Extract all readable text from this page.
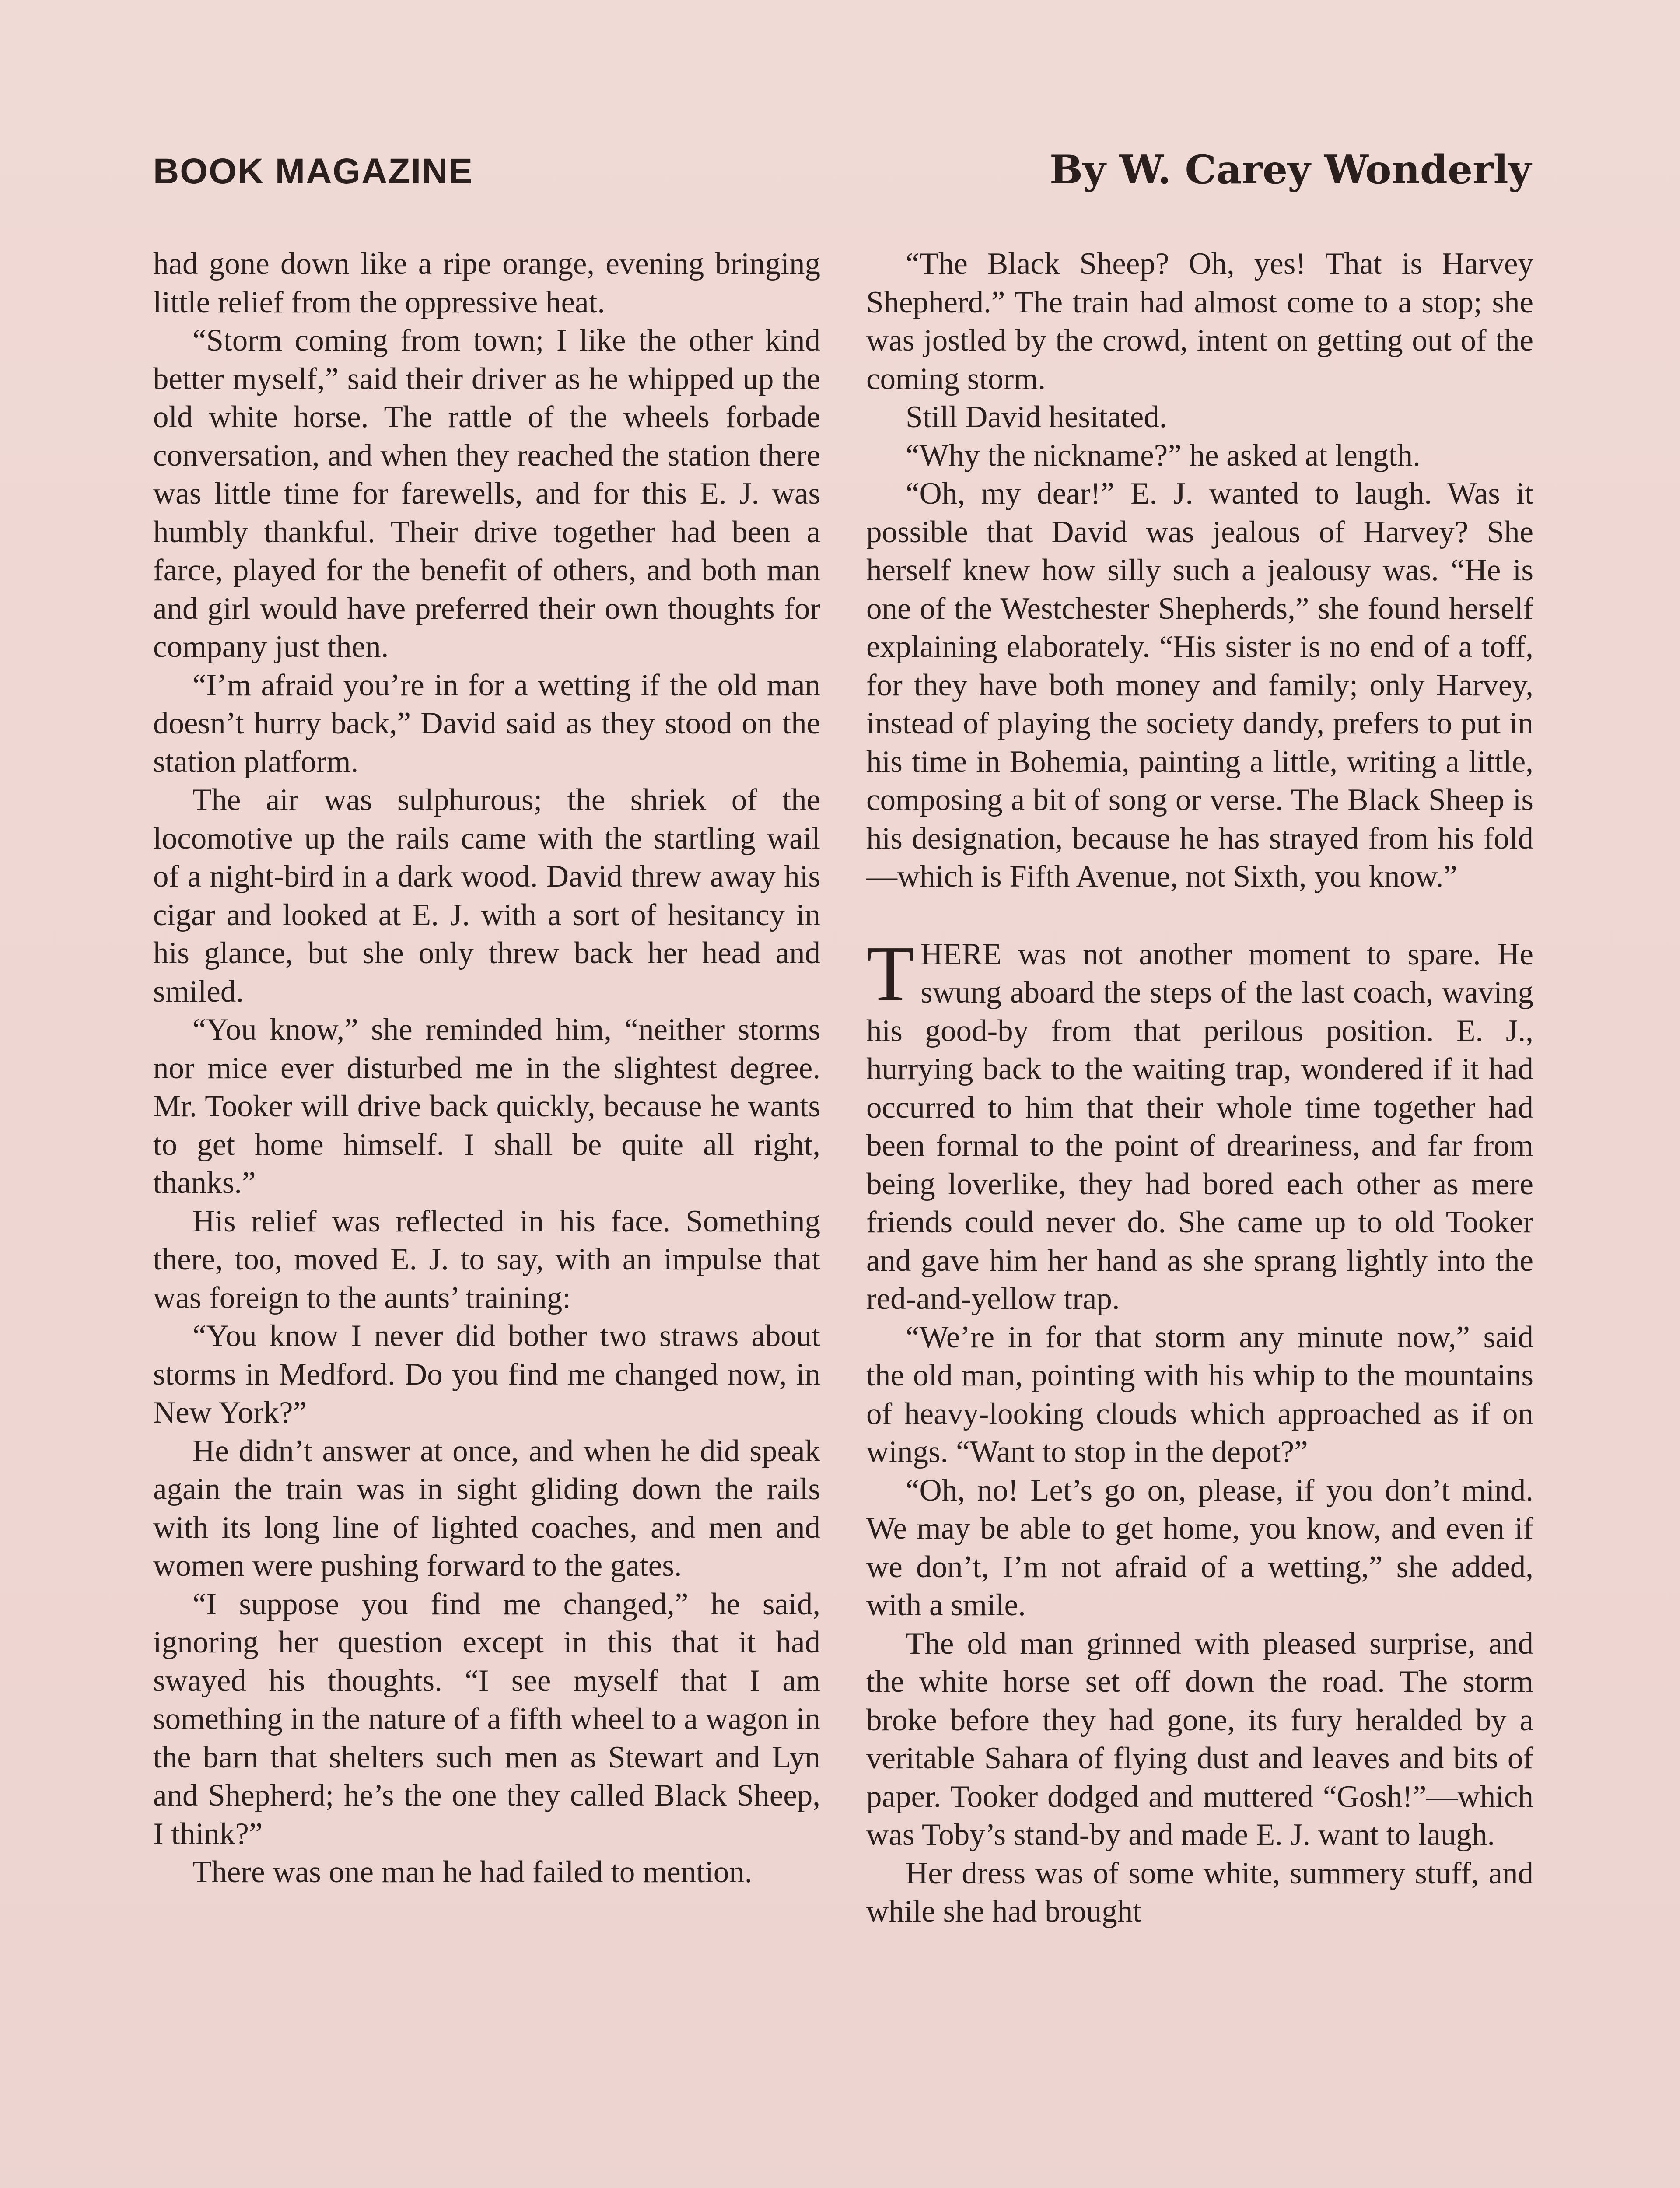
BOOK MAGAZINE	By W. Carey Wonderly

had gone down like a ripe orange, evening bringing little relief from the oppressive heat.

“Storm coming from town; I like the other kind better myself,” said their driver as he whipped up the old white horse. The rattle of the wheels forbade conversation, and when they reached the station there was little time for farewells, and for this E. J. was humbly thankful. Their drive together had been a farce, played for the benefit of others, and both man and girl would have preferred their own thoughts for company just then.

“I’m afraid you’re in for a wetting if the old man doesn’t hurry back,” David said as they stood on the station platform.

The air was sulphurous; the shriek of the locomotive up the rails came with the startling wail of a night-bird in a dark wood. David threw away his cigar and looked at E. J. with a sort of hesitancy in his glance, but she only threw back her head and smiled.

“You know,” she reminded him, “neither storms nor mice ever disturbed me in the slightest degree. Mr. Tooker will drive back quickly, because he wants to get home himself. I shall be quite all right, thanks.”

His relief was reflected in his face. Something there, too, moved E. J. to say, with an impulse that was foreign to the aunts’ training:

“You know I never did bother two straws about storms in Medford. Do you find me changed now, in New York?”

He didn’t answer at once, and when he did speak again the train was in sight gliding down the rails with its long line of lighted coaches, and men and women were pushing forward to the gates.

“I suppose you find me changed,” he said, ignoring her question except in this that it had swayed his thoughts. “I see myself that I am something in the nature of a fifth wheel to a wagon in the barn that shelters such men as Stewart and Lyn and Shepherd; he’s the one they called Black Sheep, I think?”

There was one man he had failed to mention.

“The Black Sheep? Oh, yes! That is Harvey Shepherd.” The train had almost come to a stop; she was jostled by the crowd, intent on getting out of the coming storm.

Still David hesitated.

“Why the nickname?” he asked at length.

“Oh, my dear!” E. J. wanted to laugh. Was it possible that David was jealous of Harvey? She herself knew how silly such a jealousy was. “He is one of the Westchester Shepherds,” she found herself explaining elaborately. “His sister is no end of a toff, for they have both money and family; only Harvey, instead of playing the society dandy, prefers to put in his time in Bohemia, painting a little, writing a little, composing a bit of song or verse. The Black Sheep is his designation, because he has strayed from his fold—which is Fifth Avenue, not Sixth, you know.”

THERE was not another moment to spare. He swung aboard the steps of the last coach, waving his good-by from that perilous position. E. J., hurrying back to the waiting trap, wondered if it had occurred to him that their whole time together had been formal to the point of dreariness, and far from being loverlike, they had bored each other as mere friends could never do. She came up to old Tooker and gave him her hand as she sprang lightly into the red-and-yellow trap.

“We’re in for that storm any minute now,” said the old man, pointing with his whip to the mountains of heavy-looking clouds which approached as if on wings. “Want to stop in the depot?”

“Oh, no! Let’s go on, please, if you don’t mind. We may be able to get home, you know, and even if we don’t, I’m not afraid of a wetting,” she added, with a smile.

The old man grinned with pleased surprise, and the white horse set off down the road. The storm broke before they had gone, its fury heralded by a veritable Sahara of flying dust and leaves and bits of paper. Tooker dodged and muttered “Gosh!”—which was Toby’s stand-by and made E. J. want to laugh.

Her dress was of some white, summery stuff, and while she had brought
